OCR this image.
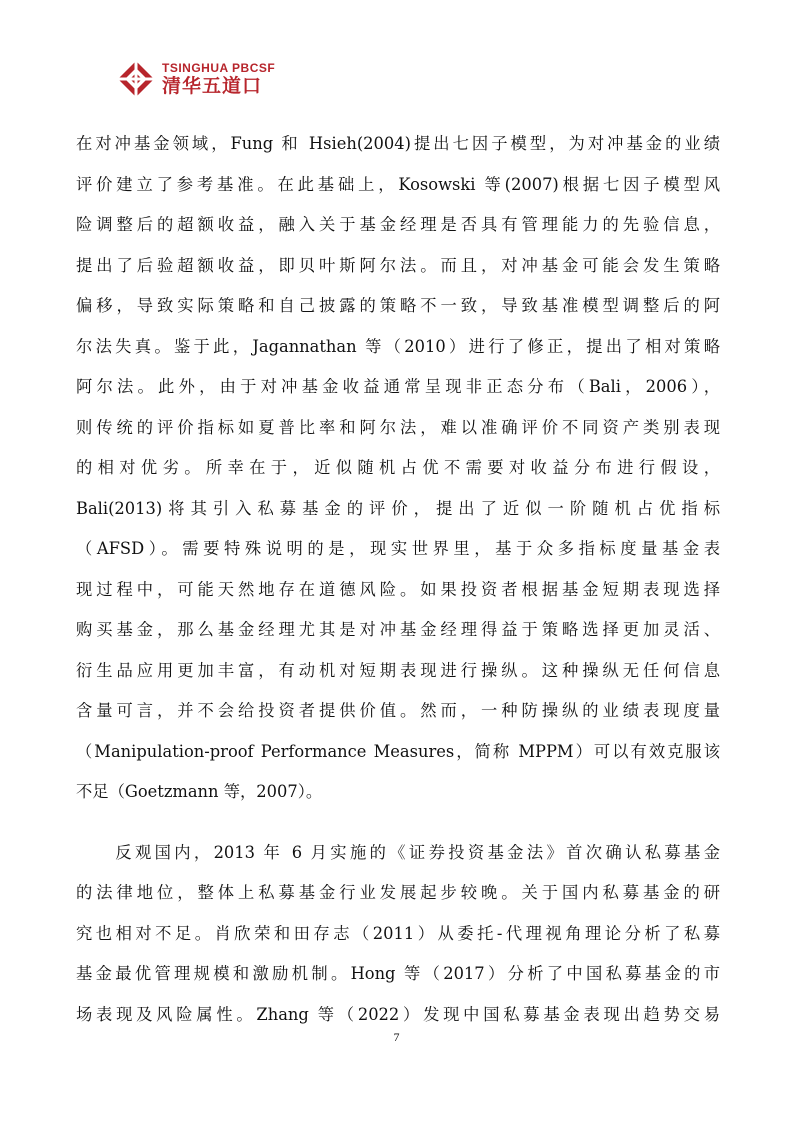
TSINGHUA PBCSF
清华五道口

在对冲基金领域，Fung 和 Hsieh(2004)提出七因子模型，为对冲基金的业绩

评价建立了参考基准。在此基础上，Kosowski 等(2007)根据七因子模型风

险调整后的超额收益，融入关于基金经理是否具有管理能力的先验信息，

提出了后验超额收益，即贝叶斯阿尔法。而且，对冲基金可能会发生策略

偏移，导致实际策略和自己披露的策略不一致，导致基准模型调整后的阿

尔法失真。鉴于此，Jagannathan 等（2010）进行了修正，提出了相对策略

阿尔法。此外，由于对冲基金收益通常呈现非正态分布（Bali，2006），

则传统的评价指标如夏普比率和阿尔法，难以准确评价不同资产类别表现

的相对优劣。所幸在于，近似随机占优不需要对收益分布进行假设，

Bali(2013)将其引入私募基金的评价，提出了近似一阶随机占优指标

（AFSD）。需要特殊说明的是，现实世界里，基于众多指标度量基金表

现过程中，可能天然地存在道德风险。如果投资者根据基金短期表现选择

购买基金，那么基金经理尤其是对冲基金经理得益于策略选择更加灵活、

衍生品应用更加丰富，有动机对短期表现进行操纵。这种操纵无任何信息

含量可言，并不会给投资者提供价值。然而，一种防操纵的业绩表现度量

（Manipulation-proof Performance Measures，简称 MPPM）可以有效克服该

不足（Goetzmann 等，2007）。

　　反观国内，2013 年 6 月实施的《证券投资基金法》首次确认私募基金

的法律地位，整体上私募基金行业发展起步较晚。关于国内私募基金的研

究也相对不足。肖欣荣和田存志（2011）从委托-代理视角理论分析了私募

基金最优管理规模和激励机制。Hong 等（2017）分析了中国私募基金的市

场表现及风险属性。Zhang 等（2022）发现中国私募基金表现出趋势交易

7
